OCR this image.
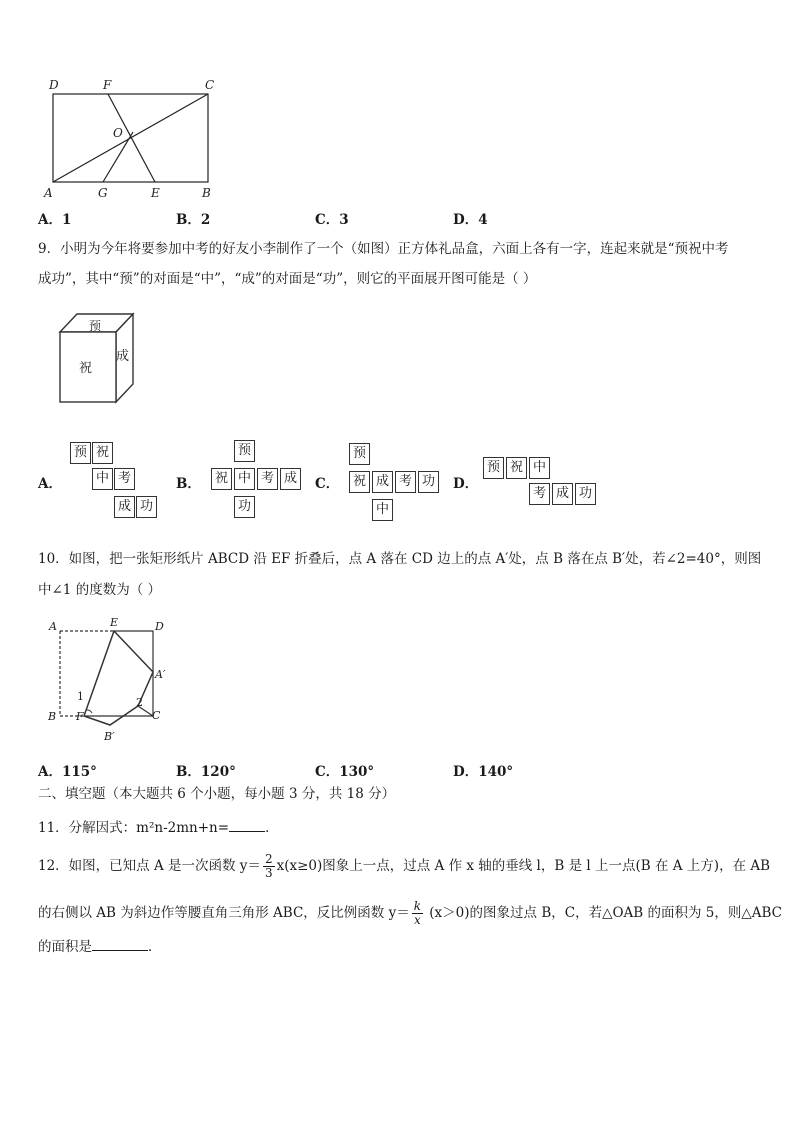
D	F	C
O
A	G	E	B
A．1	B．2	C．3	D．4
9．小明为今年将要参加中考的好友小李制作了一个（如图）正方体礼品盒，六面上各有一字，连起来就是“预祝中考
成功”，其中“预”的对面是“中”，“成”的对面是“功”，则它的平面展开图可能是（ ）
预
祝
成
A．	B．	C．	D．
预 祝
中 考
成 功
预
祝 中 考 成
功
预
祝 成 考 功
中
预 祝 中
考 成 功
10．如图，把一张矩形纸片 ABCD 沿 EF 折叠后，点 A 落在 CD 边上的点 A′处，点 B 落在点 B′处，若∠2=40°，则图
中∠1 的度数为（ ）
A	E	D
A′
B F	C
B′
1	2
A．115°	B．120°	C．130°	D．140°
二、填空题（本大题共 6 个小题，每小题 3 分，共 18 分）
11．分解因式：m²n-2mn+n=	．
12．如图，已知点 A 是一次函数 $y= \frac{2}{3} x(x\ge 0)$图象上一点，过点 A 作 x 轴的垂线 l，B 是 l 上一点(B 在 A 上方)，在 AB
的右侧以 AB 为斜边作等腰直角三角形 ABC，反比例函数 $y= \frac{k}{x} (x>0)$的图象过点 B，C，若△OAB 的面积为 5，则△ABC
的面积是	．
